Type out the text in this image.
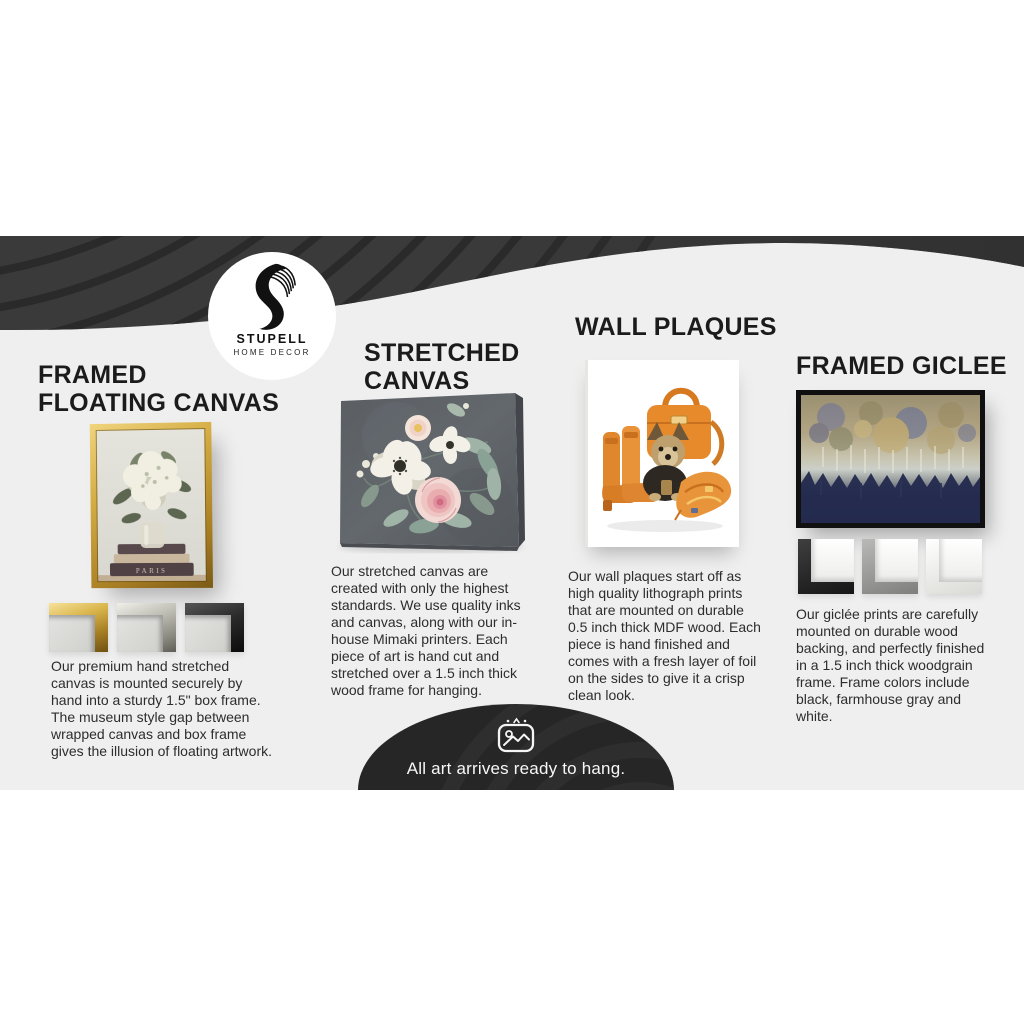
STUPELL
HOME DECOR
FRAMED
FLOATING CANVAS
PARIS

Our premium hand stretched canvas is mounted securely by hand into a sturdy 1.5" box frame. The museum style gap between wrapped canvas and box frame gives the illusion of floating artwork.

STRETCHED
CANVAS

Our stretched canvas are created with only the highest standards. We use quality inks and canvas, along with our in-house Mimaki printers. Each piece of art is hand cut and stretched over a 1.5 inch thick wood frame for hanging.

WALL PLAQUES

Our wall plaques start off as high quality lithograph prints that are mounted on durable 0.5 inch thick MDF wood. Each piece is hand finished and comes with a fresh layer of foil on the sides to give it a crisp clean look.

FRAMED GICLEE

Our giclée prints are carefully mounted on durable wood backing, and perfectly finished in a 1.5 inch thick woodgrain frame. Frame colors include black, farmhouse gray and white.

All art arrives ready to hang.
